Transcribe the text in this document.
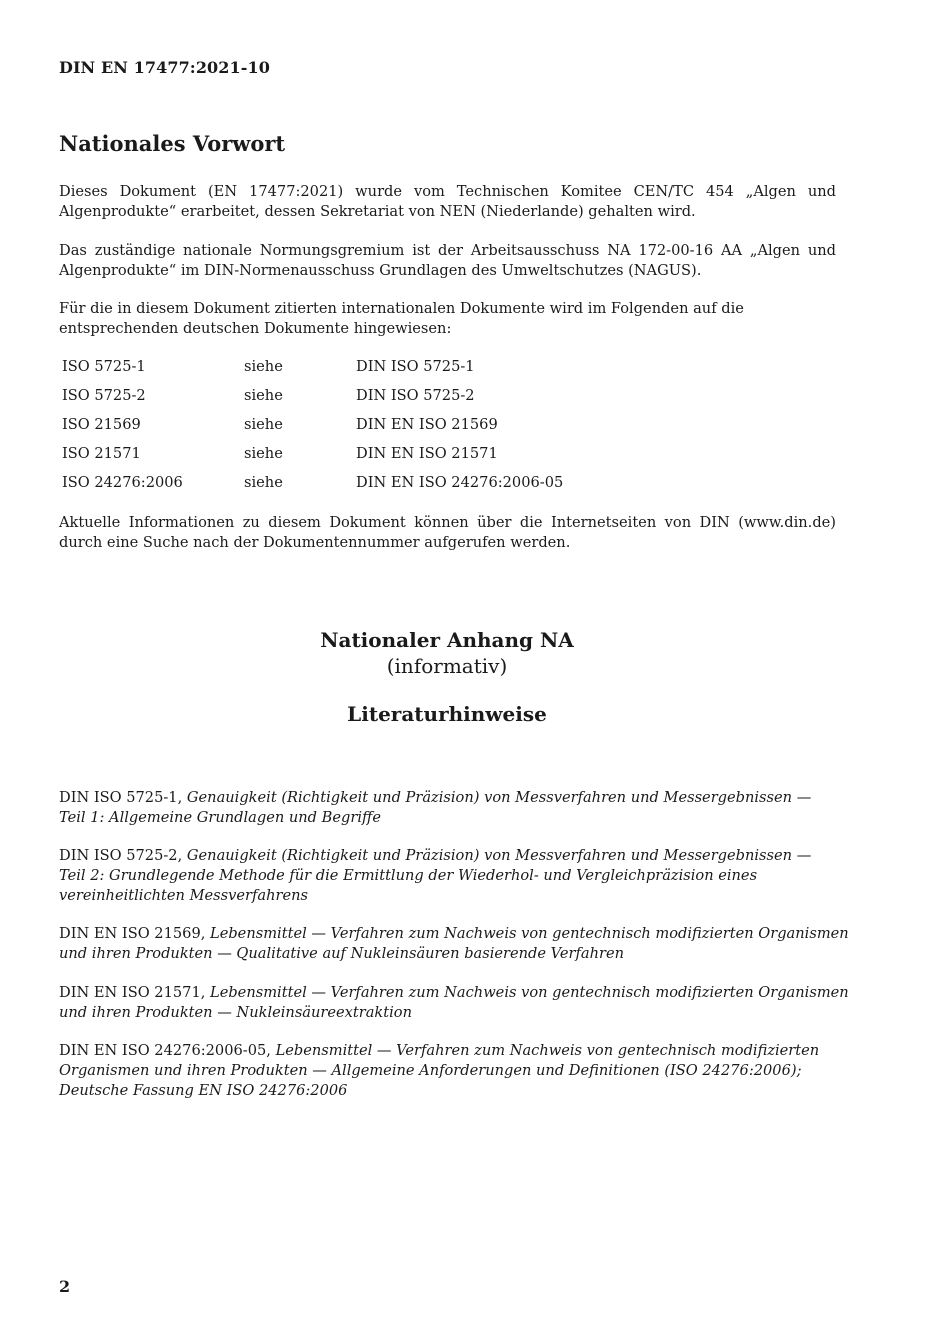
DIN EN 17477:2021-10
Nationales Vorwort
Dieses Dokument (EN 17477:2021) wurde vom Technischen Komitee CEN/TC 454 „Algen und Algenprodukte“ erarbeitet, dessen Sekretariat von NEN (Niederlande) gehalten wird.
Das zuständige nationale Normungsgremium ist der Arbeitsausschuss NA 172-00-16 AA „Algen und Algenprodukte“ im DIN-Normenausschuss Grundlagen des Umweltschutzes (NAGUS).
Für die in diesem Dokument zitierten internationalen Dokumente wird im Folgenden auf die entsprechenden deutschen Dokumente hingewiesen:
ISO 5725-1	siehe	DIN ISO 5725-1
ISO 5725-2	siehe	DIN ISO 5725-2
ISO 21569	siehe	DIN EN ISO 21569
ISO 21571	siehe	DIN EN ISO 21571
ISO 24276:2006	siehe	DIN EN ISO 24276:2006-05
Aktuelle Informationen zu diesem Dokument können über die Internetseiten von DIN (www.din.de) durch eine Suche nach der Dokumentennummer aufgerufen werden.
Nationaler Anhang NA
(informativ)
Literaturhinweise
DIN ISO 5725-1, Genauigkeit (Richtigkeit und Präzision) von Messverfahren und Messergebnissen —
Teil 1: Allgemeine Grundlagen und Begriffe
DIN ISO 5725-2, Genauigkeit (Richtigkeit und Präzision) von Messverfahren und Messergebnissen —
Teil 2: Grundlegende Methode für die Ermittlung der Wiederhol- und Vergleichpräzision eines vereinheitlichten Messverfahrens
DIN EN ISO 21569, Lebensmittel — Verfahren zum Nachweis von gentechnisch modifizierten Organismen und ihren Produkten — Qualitative auf Nukleinsäuren basierende Verfahren
DIN EN ISO 21571, Lebensmittel — Verfahren zum Nachweis von gentechnisch modifizierten Organismen und ihren Produkten — Nukleinsäureextraktion
DIN EN ISO 24276:2006-05, Lebensmittel — Verfahren zum Nachweis von gentechnisch modifizierten Organismen und ihren Produkten — Allgemeine Anforderungen und Definitionen (ISO 24276:2006); Deutsche Fassung EN ISO 24276:2006
2
